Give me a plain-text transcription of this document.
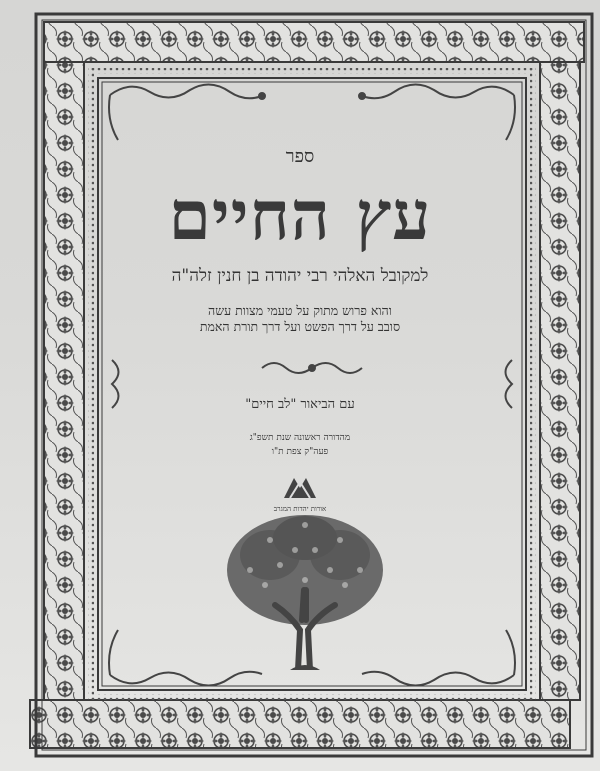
ספר
עץ החיים
למקובל האלהי רבי יהודה בן חנין זלה"ה
והוא פרוש מתוק על טעמי מצוות עשה
סובב על דרך הפשט ועל דרך תורת האמת
עם הביאור "לב חיים"
מהדורה ראשונה שנת תשפ"ג
פעה"ק צפת ת"ו
אורות יהדות המגרב
